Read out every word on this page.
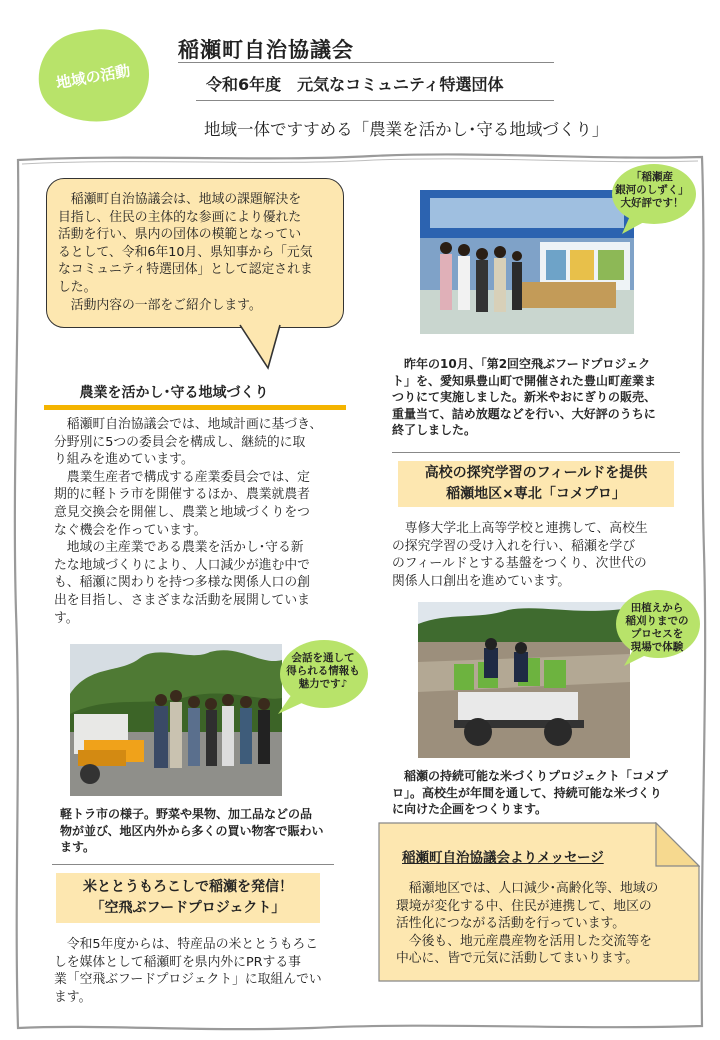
地域の活動
稲瀬町自治協議会
令和6年度　元気なコミュニティ特選団体
地域一体ですすめる「農業を活かし･守る地域づくり」
　稲瀬町自治協議会は、地域の課題解決を
目指し、住民の主体的な参画により優れた
活動を行い、県内の団体の模範となってい
るとして、令和6年10月、県知事から「元気
なコミュニティ特選団体」として認定されま
した。
　活動内容の一部をご紹介します。
農業を活かし･守る地域づくり
　稲瀬町自治協議会では、地域計画に基づき、
分野別に5つの委員会を構成し、継続的に取
り組みを進めています。
　農業生産者で構成する産業委員会では、定
期的に軽トラ市を開催するほか、農業就農者
意見交換会を開催し、農業と地域づくりをつ
なぐ機会を作っています。
　地域の主産業である農業を活かし･守る新
たな地域づくりにより、人口減少が進む中で
も、稲瀬に関わりを持つ多様な関係人口の創
出を目指し、さまざまな活動を展開していま
す。
会話を通して
得られる情報も
魅力です♪
軽トラ市の様子。野菜や果物、加工品などの品
物が並び、地区内外から多くの買い物客で賑わい
ます。
米ととうもろこしで稲瀬を発信！
「空飛ぶフードプロジェクト」
　令和5年度からは、特産品の米ととうもろこ
しを媒体として稲瀬町を県内外にPRする事
業「空飛ぶフードプロジェクト」に取組んでい
ます。
「稲瀬産
銀河のしずく」
大好評です！
　昨年の10月、「第2回空飛ぶフードプロジェク
ト」を、愛知県豊山町で開催された豊山町産業ま
つりにて実施しました。新米やおにぎりの販売、
重量当て、詰め放題などを行い、大好評のうちに
終了しました。
高校の探究学習のフィールドを提供
稲瀬地区×専北「コメプロ」
　専修大学北上高等学校と連携して、高校生
の探究学習の受け入れを行い、稲瀬を学び
のフィールドとする基盤をつくり、次世代の
関係人口創出を進めています。
田植えから
稲刈りまでの
プロセスを
現場で体験
　稲瀬の持続可能な米づくりプロジェクト「コメプ
ロ」。高校生が年間を通して、持続可能な米づくり
に向けた企画をつくります。
稲瀬町自治協議会よりメッセージ
　稲瀬地区では、人口減少･高齢化等、地域の
環境が変化する中、住民が連携して、地区の
活性化につながる活動を行っています。
　今後も、地元産農産物を活用した交流等を
中心に、皆で元気に活動してまいります。
